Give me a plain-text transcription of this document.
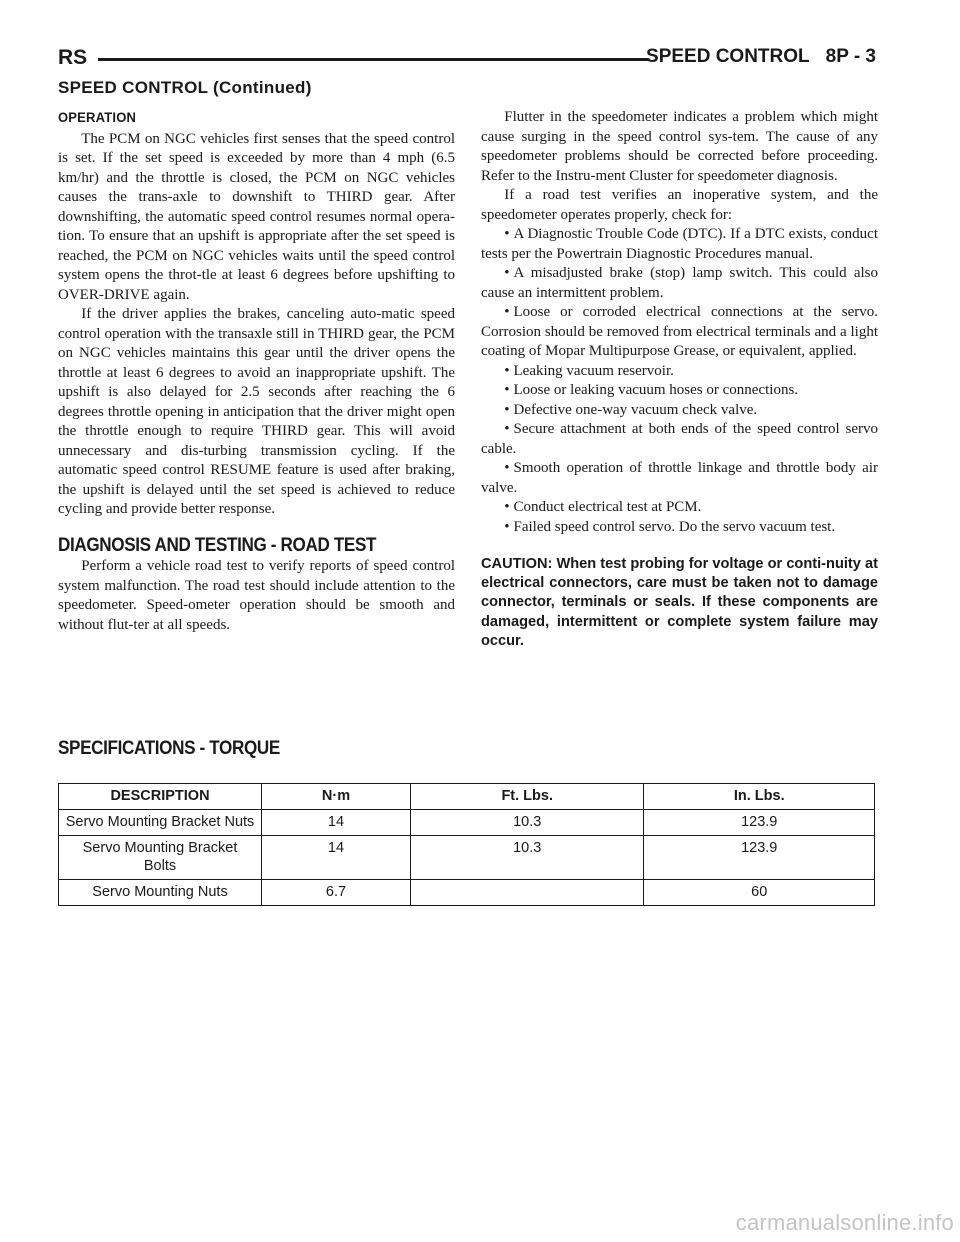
RS	SPEED CONTROL 8P - 3
SPEED CONTROL (Continued)
OPERATION

The PCM on NGC vehicles first senses that the speed control is set. If the set speed is exceeded by more than 4 mph (6.5 km/hr) and the throttle is closed, the PCM on NGC vehicles causes the trans-axle to downshift to THIRD gear. After downshifting, the automatic speed control resumes normal opera-tion. To ensure that an upshift is appropriate after the set speed is reached, the PCM on NGC vehicles waits until the speed control system opens the throt-tle at least 6 degrees before upshifting to OVER-DRIVE again.

If the driver applies the brakes, canceling auto-matic speed control operation with the transaxle still in THIRD gear, the PCM on NGC vehicles maintains this gear until the driver opens the throttle at least 6 degrees to avoid an inappropriate upshift. The upshift is also delayed for 2.5 seconds after reaching the 6 degrees throttle opening in anticipation that the driver might open the throttle enough to require THIRD gear. This will avoid unnecessary and dis-turbing transmission cycling. If the automatic speed control RESUME feature is used after braking, the upshift is delayed until the set speed is achieved to reduce cycling and provide better response.

DIAGNOSIS AND TESTING - ROAD TEST

Perform a vehicle road test to verify reports of speed control system malfunction. The road test should include attention to the speedometer. Speed-ometer operation should be smooth and without flut-ter at all speeds.

Flutter in the speedometer indicates a problem which might cause surging in the speed control sys-tem. The cause of any speedometer problems should be corrected before proceeding. Refer to the Instru-ment Cluster for speedometer diagnosis.

If a road test verifies an inoperative system, and the speedometer operates properly, check for:

• A Diagnostic Trouble Code (DTC). If a DTC exists, conduct tests per the Powertrain Diagnostic Procedures manual.

• A misadjusted brake (stop) lamp switch. This could also cause an intermittent problem.

• Loose or corroded electrical connections at the servo. Corrosion should be removed from electrical terminals and a light coating of Mopar Multipurpose Grease, or equivalent, applied.

• Leaking vacuum reservoir.

• Loose or leaking vacuum hoses or connections.

• Defective one-way vacuum check valve.

• Secure attachment at both ends of the speed control servo cable.

• Smooth operation of throttle linkage and throttle body air valve.

• Conduct electrical test at PCM.

• Failed speed control servo. Do the servo vacuum test.

CAUTION: When test probing for voltage or conti-nuity at electrical connectors, care must be taken not to damage connector, terminals or seals. If these components are damaged, intermittent or complete system failure may occur.
SPECIFICATIONS - TORQUE
DESCRIPTION	N·m	Ft. Lbs.	In. Lbs.
Servo Mounting Bracket Nuts	14	10.3	123.9
Servo Mounting Bracket Bolts	14	10.3	123.9
Servo Mounting Nuts	6.7		60
carmanualsonline.info
